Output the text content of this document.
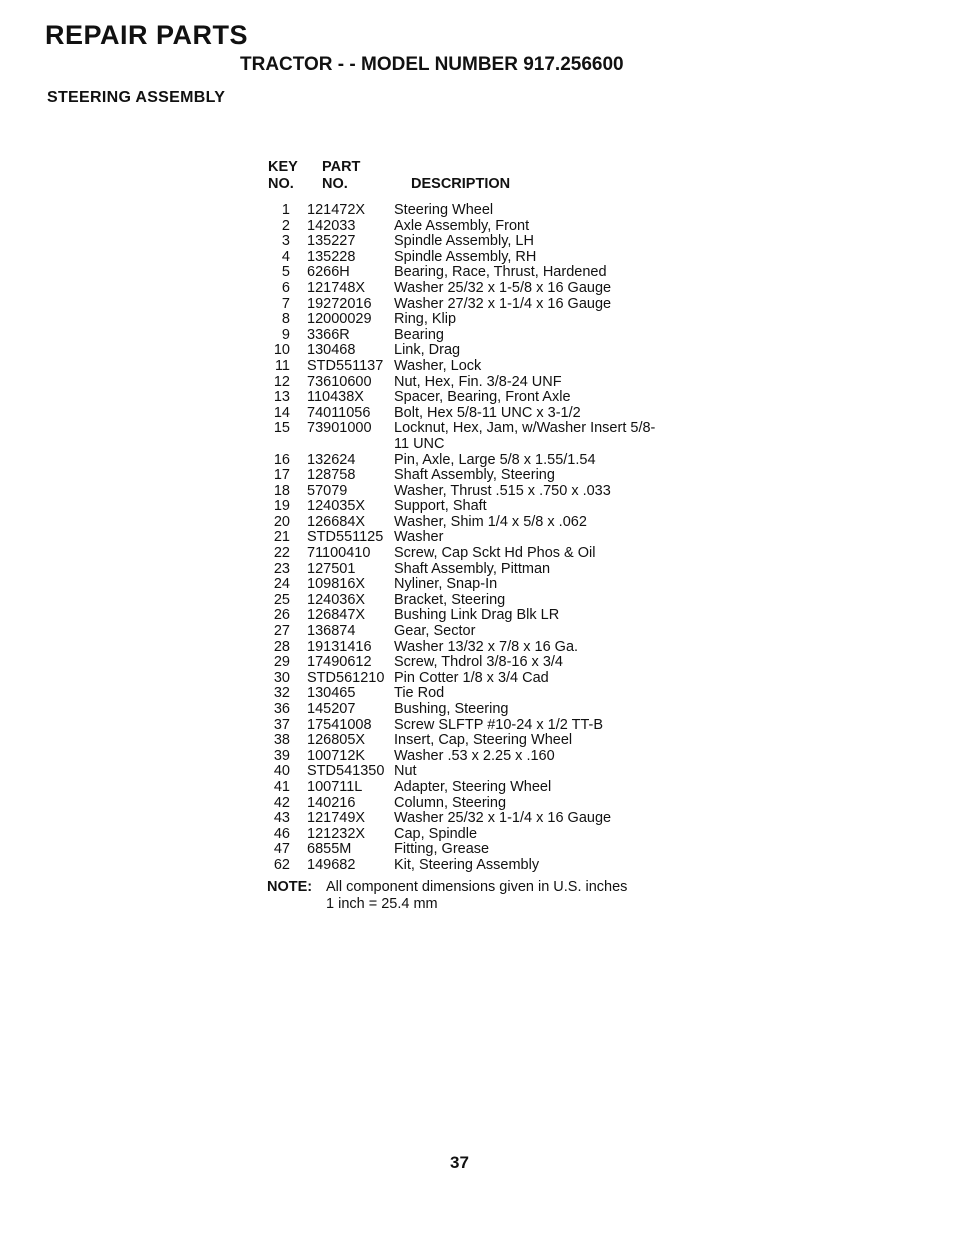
REPAIR PARTS
TRACTOR - - MODEL NUMBER 917.256600
STEERING ASSEMBLY
KEY
NO.
PART
NO.	DESCRIPTION
1	121472X	Steering Wheel
2	142033	Axle Assembly, Front
3	135227	Spindle Assembly, LH
4	135228	Spindle Assembly, RH
5	6266H	Bearing, Race, Thrust, Hardened
6	121748X	Washer 25/32 x 1-5/8 x 16 Gauge
7	19272016	Washer 27/32 x 1-1/4 x 16 Gauge
8	12000029	Ring, Klip
9	3366R	Bearing
10	130468	Link, Drag
11	STD551137 Washer, Lock
12	73610600	Nut, Hex, Fin. 3/8-24 UNF
13	110438X	Spacer, Bearing, Front Axle
14	74011056	Bolt, Hex 5/8-11 UNC x 3-1/2
15	73901000	Locknut, Hex, Jam, w/Washer Insert 5/8-11 UNC
16	132624	Pin, Axle, Large 5/8 x 1.55/1.54
17	128758	Shaft Assembly, Steering
18	57079	Washer, Thrust .515 x .750 x .033
19	124035X	Support, Shaft
20	126684X	Washer, Shim 1/4 x 5/8 x .062
21	STD551125 Washer
22	71100410	Screw, Cap Sckt Hd Phos & Oil
23	127501	Shaft Assembly, Pittman
24	109816X	Nyliner, Snap-In
25	124036X	Bracket, Steering
26	126847X	Bushing Link Drag Blk LR
27	136874	Gear, Sector
28	19131416	Washer 13/32 x 7/8 x 16 Ga.
29	17490612	Screw, Thdrol 3/8-16 x 3/4
30	STD561210 Pin Cotter 1/8 x 3/4 Cad
32	130465	Tie Rod
36	145207	Bushing, Steering
37	17541008	Screw SLFTP #10-24 x 1/2 TT-B
38	126805X	Insert, Cap, Steering Wheel
39	100712K	Washer .53 x 2.25 x .160
40	STD541350 Nut
41	100711L	Adapter, Steering Wheel
42	140216	Column, Steering
43	121749X	Washer 25/32 x 1-1/4 x 16 Gauge
46	121232X	Cap, Spindle
47	6855M	Fitting, Grease
62	149682	Kit, Steering Assembly
NOTE: All component dimensions given in U.S. inches
1 inch = 25.4 mm
37
